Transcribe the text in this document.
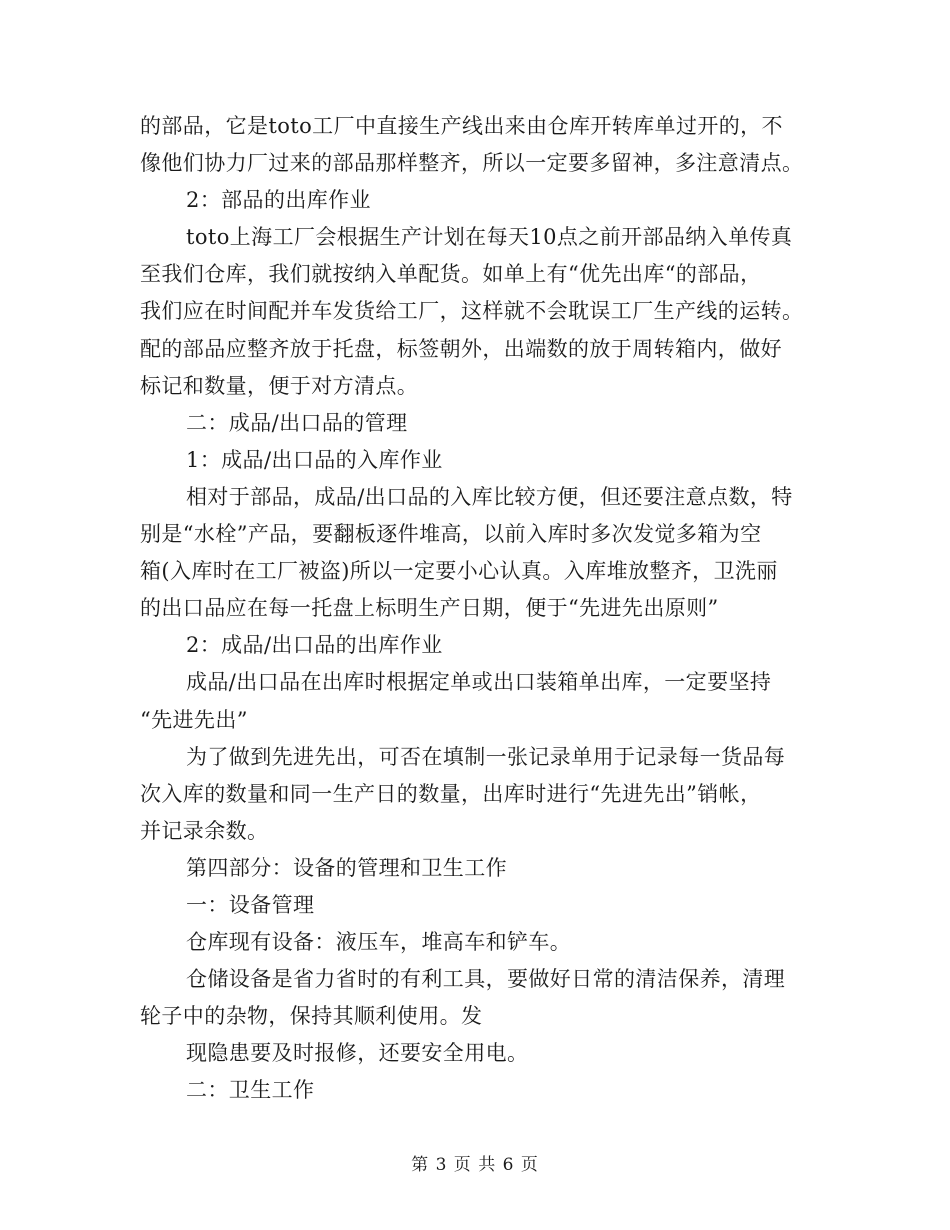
的部品，它是toto工厂中直接生产线出来由仓库开转库单过开的，不
像他们协力厂过来的部品那样整齐，所以一定要多留神，多注意清点。
2：部品的出库作业
toto上海工厂会根据生产计划在每天10点之前开部品纳入单传真
至我们仓库，我们就按纳入单配货。如单上有“优先出库“的部品，
我们应在时间配并车发货给工厂，这样就不会耽误工厂生产线的运转。
配的部品应整齐放于托盘，标签朝外，出端数的放于周转箱内，做好
标记和数量，便于对方清点。
二：成品/出口品的管理
1：成品/出口品的入库作业
相对于部品，成品/出口品的入库比较方便，但还要注意点数，特
别是“水栓”产品，要翻板逐件堆高，以前入库时多次发觉多箱为空
箱(入库时在工厂被盗)所以一定要小心认真。入库堆放整齐，卫洗丽
的出口品应在每一托盘上标明生产日期，便于“先进先出原则”
2：成品/出口品的出库作业
成品/出口品在出库时根据定单或出口装箱单出库，一定要坚持
“先进先出”
为了做到先进先出，可否在填制一张记录单用于记录每一货品每
次入库的数量和同一生产日的数量，出库时进行“先进先出”销帐，
并记录余数。
第四部分：设备的管理和卫生工作
一：设备管理
仓库现有设备：液压车，堆高车和铲车。
仓储设备是省力省时的有利工具，要做好日常的清洁保养，清理
轮子中的杂物，保持其顺利使用。发
现隐患要及时报修，还要安全用电。
二：卫生工作
第 3 页 共 6 页
